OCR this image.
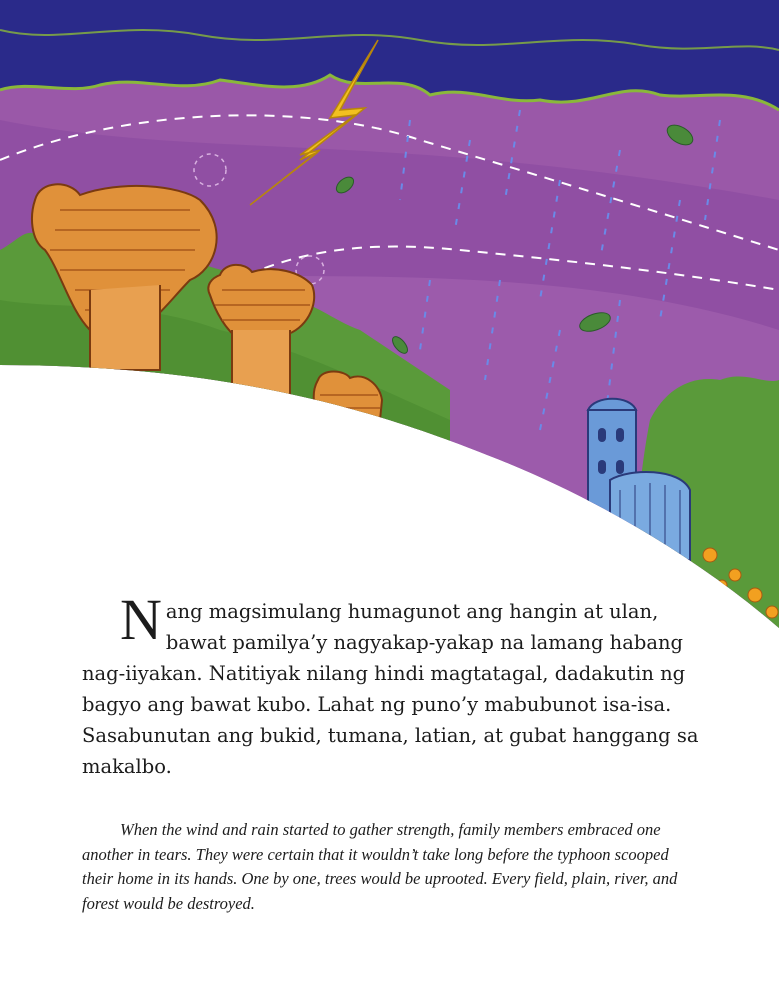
Nang magsimulang humagunot ang hangin at ulan, bawat pamilya’y nagyakap-yakap na lamang habang nag-iiyakan. Natitiyak nilang hindi magtatagal, dadakutin ng bagyo ang bawat kubo. Lahat ng puno’y mabubunot isa-isa. Sasabunutan ang bukid, tumana, latian, at gubat hanggang sa makalbo.

When the wind and rain started to gather strength, family members embraced one another in tears. They were certain that it wouldn’t take long before the typhoon scooped their home in its hands. One by one, trees would be uprooted. Every field, plain, river, and forest would be destroyed.
